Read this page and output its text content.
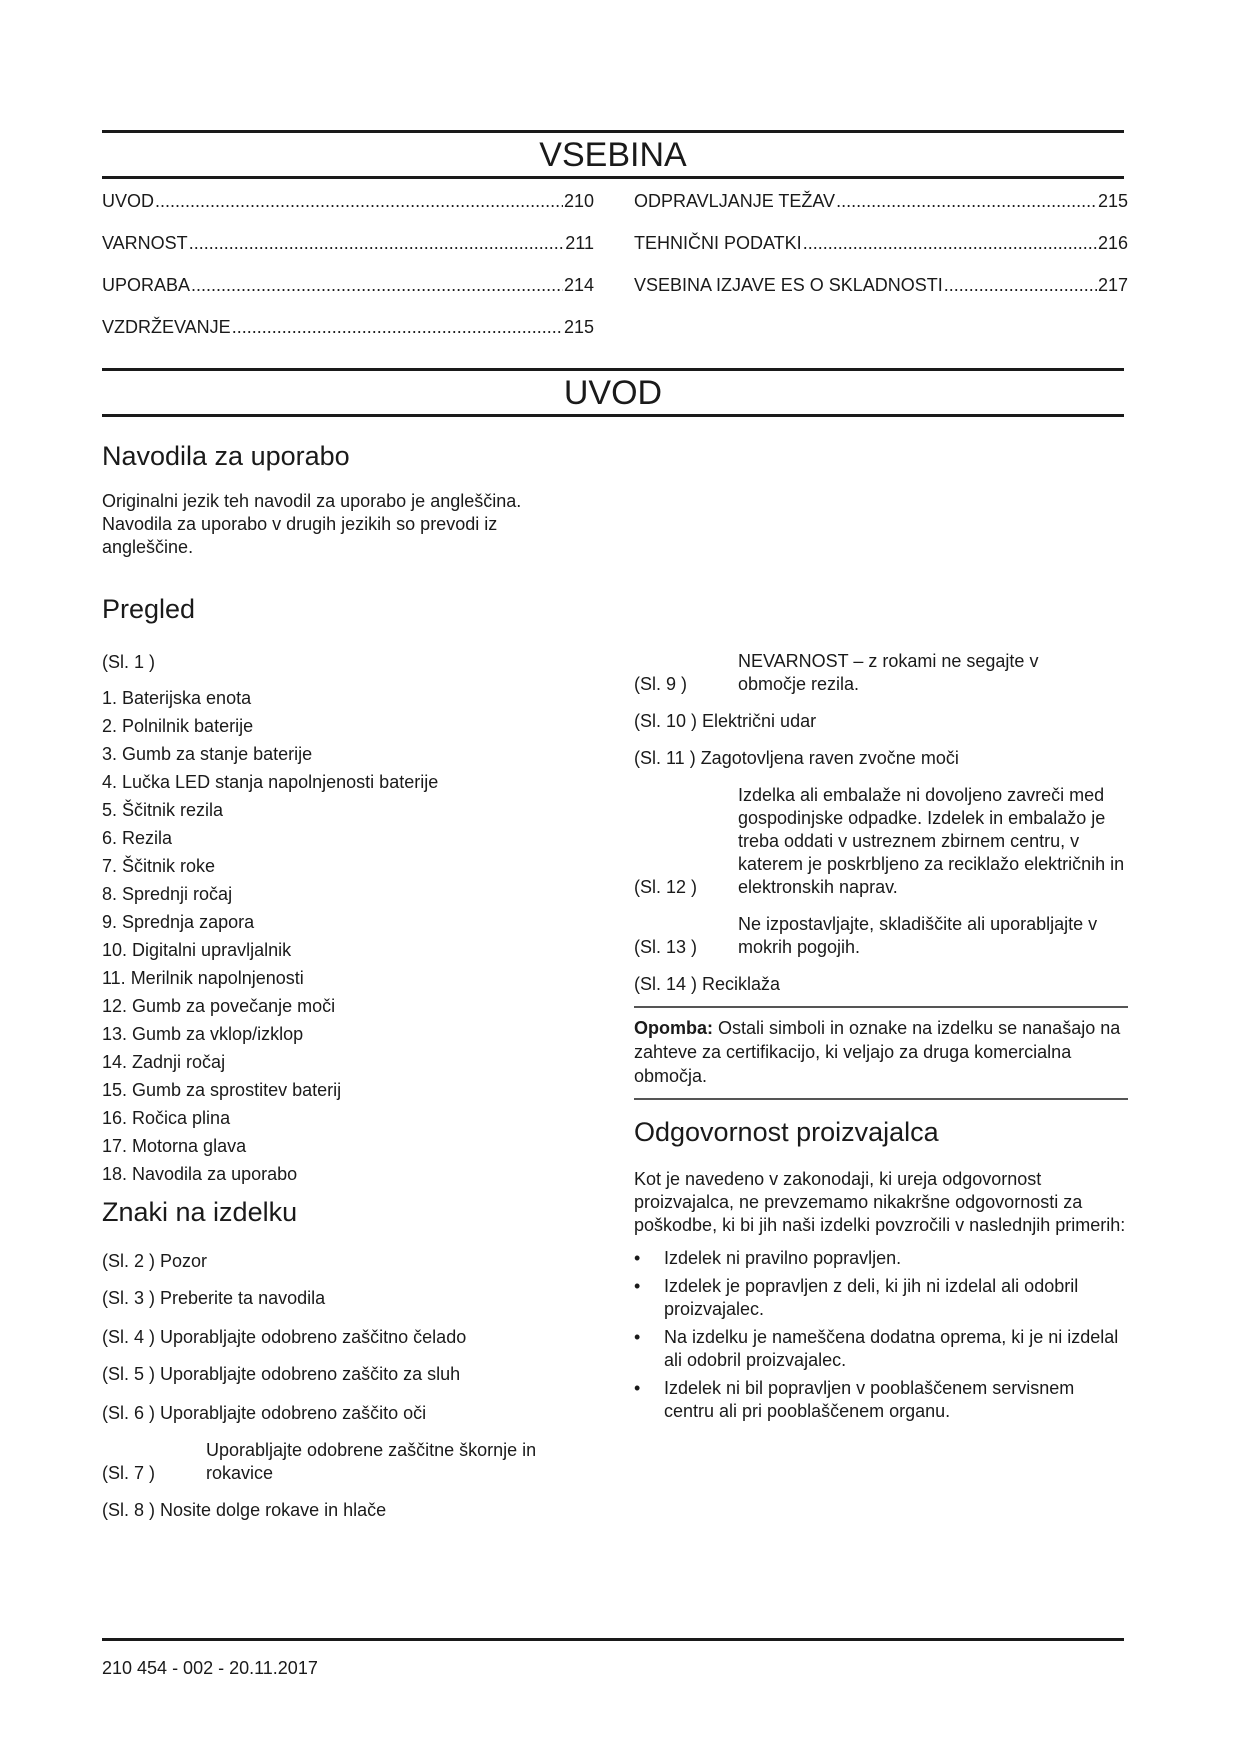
VSEBINA
UVOD .....	210
VARNOST .....	211
UPORABA .....	214
VZDRŽEVANJE .....	215
ODPRAVLJANJE TEŽAV .....	215
TEHNIČNI PODATKI .....	216
VSEBINA IZJAVE ES O SKLADNOSTI .....	217
UVOD
Navodila za uporabo

Originalni jezik teh navodil za uporabo je angleščina. Navodila za uporabo v drugih jezikih so prevodi iz angleščine.

Pregled

(Sl. 1 )

1. Baterijska enota
2. Polnilnik baterije
3. Gumb za stanje baterije
4. Lučka LED stanja napolnjenosti baterije
5. Ščitnik rezila
6. Rezila
7. Ščitnik roke
8. Sprednji ročaj
9. Sprednja zapora
10. Digitalni upravljalnik
11. Merilnik napolnjenosti
12. Gumb za povečanje moči
13. Gumb za vklop/izklop
14. Zadnji ročaj
15. Gumb za sprostitev baterij
16. Ročica plina
17. Motorna glava
18. Navodila za uporabo
Znaki na izdelku
(Sl. 2 ) Pozor
(Sl. 3 ) Preberite ta navodila
(Sl. 4 ) Uporabljajte odobreno zaščitno čelado
(Sl. 5 ) Uporabljajte odobreno zaščito za sluh
(Sl. 6 ) Uporabljajte odobreno zaščito oči
(Sl. 7 )
Uporabljajte odobrene zaščitne škornje in rokavice
(Sl. 8 ) Nosite dolge rokave in hlače
(Sl. 9 )
NEVARNOST – z rokami ne segajte v območje rezila.
(Sl. 10 ) Električni udar
(Sl. 11 ) Zagotovljena raven zvočne moči
(Sl. 12 )
Izdelka ali embalaže ni dovoljeno zavreči med gospodinjske odpadke. Izdelek in embalažo je treba oddati v ustreznem zbirnem centru, v katerem je poskrbljeno za reciklažo električnih in elektronskih naprav.
(Sl. 13 )
Ne izpostavljajte, skladiščite ali uporabljajte v mokrih pogojih.
(Sl. 14 ) Reciklaža
Opomba: Ostali simboli in oznake na izdelku se nanašajo na zahteve za certifikacijo, ki veljajo za druga komercialna območja.
Odgovornost proizvajalca

Kot je navedeno v zakonodaji, ki ureja odgovornost proizvajalca, ne prevzemamo nikakršne odgovornosti za poškodbe, ki bi jih naši izdelki povzročili v naslednjih primerih:

• Izdelek ni pravilno popravljen.
• Izdelek je popravljen z deli, ki jih ni izdelal ali odobril proizvajalec.
• Na izdelku je nameščena dodatna oprema, ki je ni izdelal ali odobril proizvajalec.
• Izdelek ni bil popravljen v pooblaščenem servisnem centru ali pri pooblaščenem organu.
210 454 - 002 - 20.11.2017
